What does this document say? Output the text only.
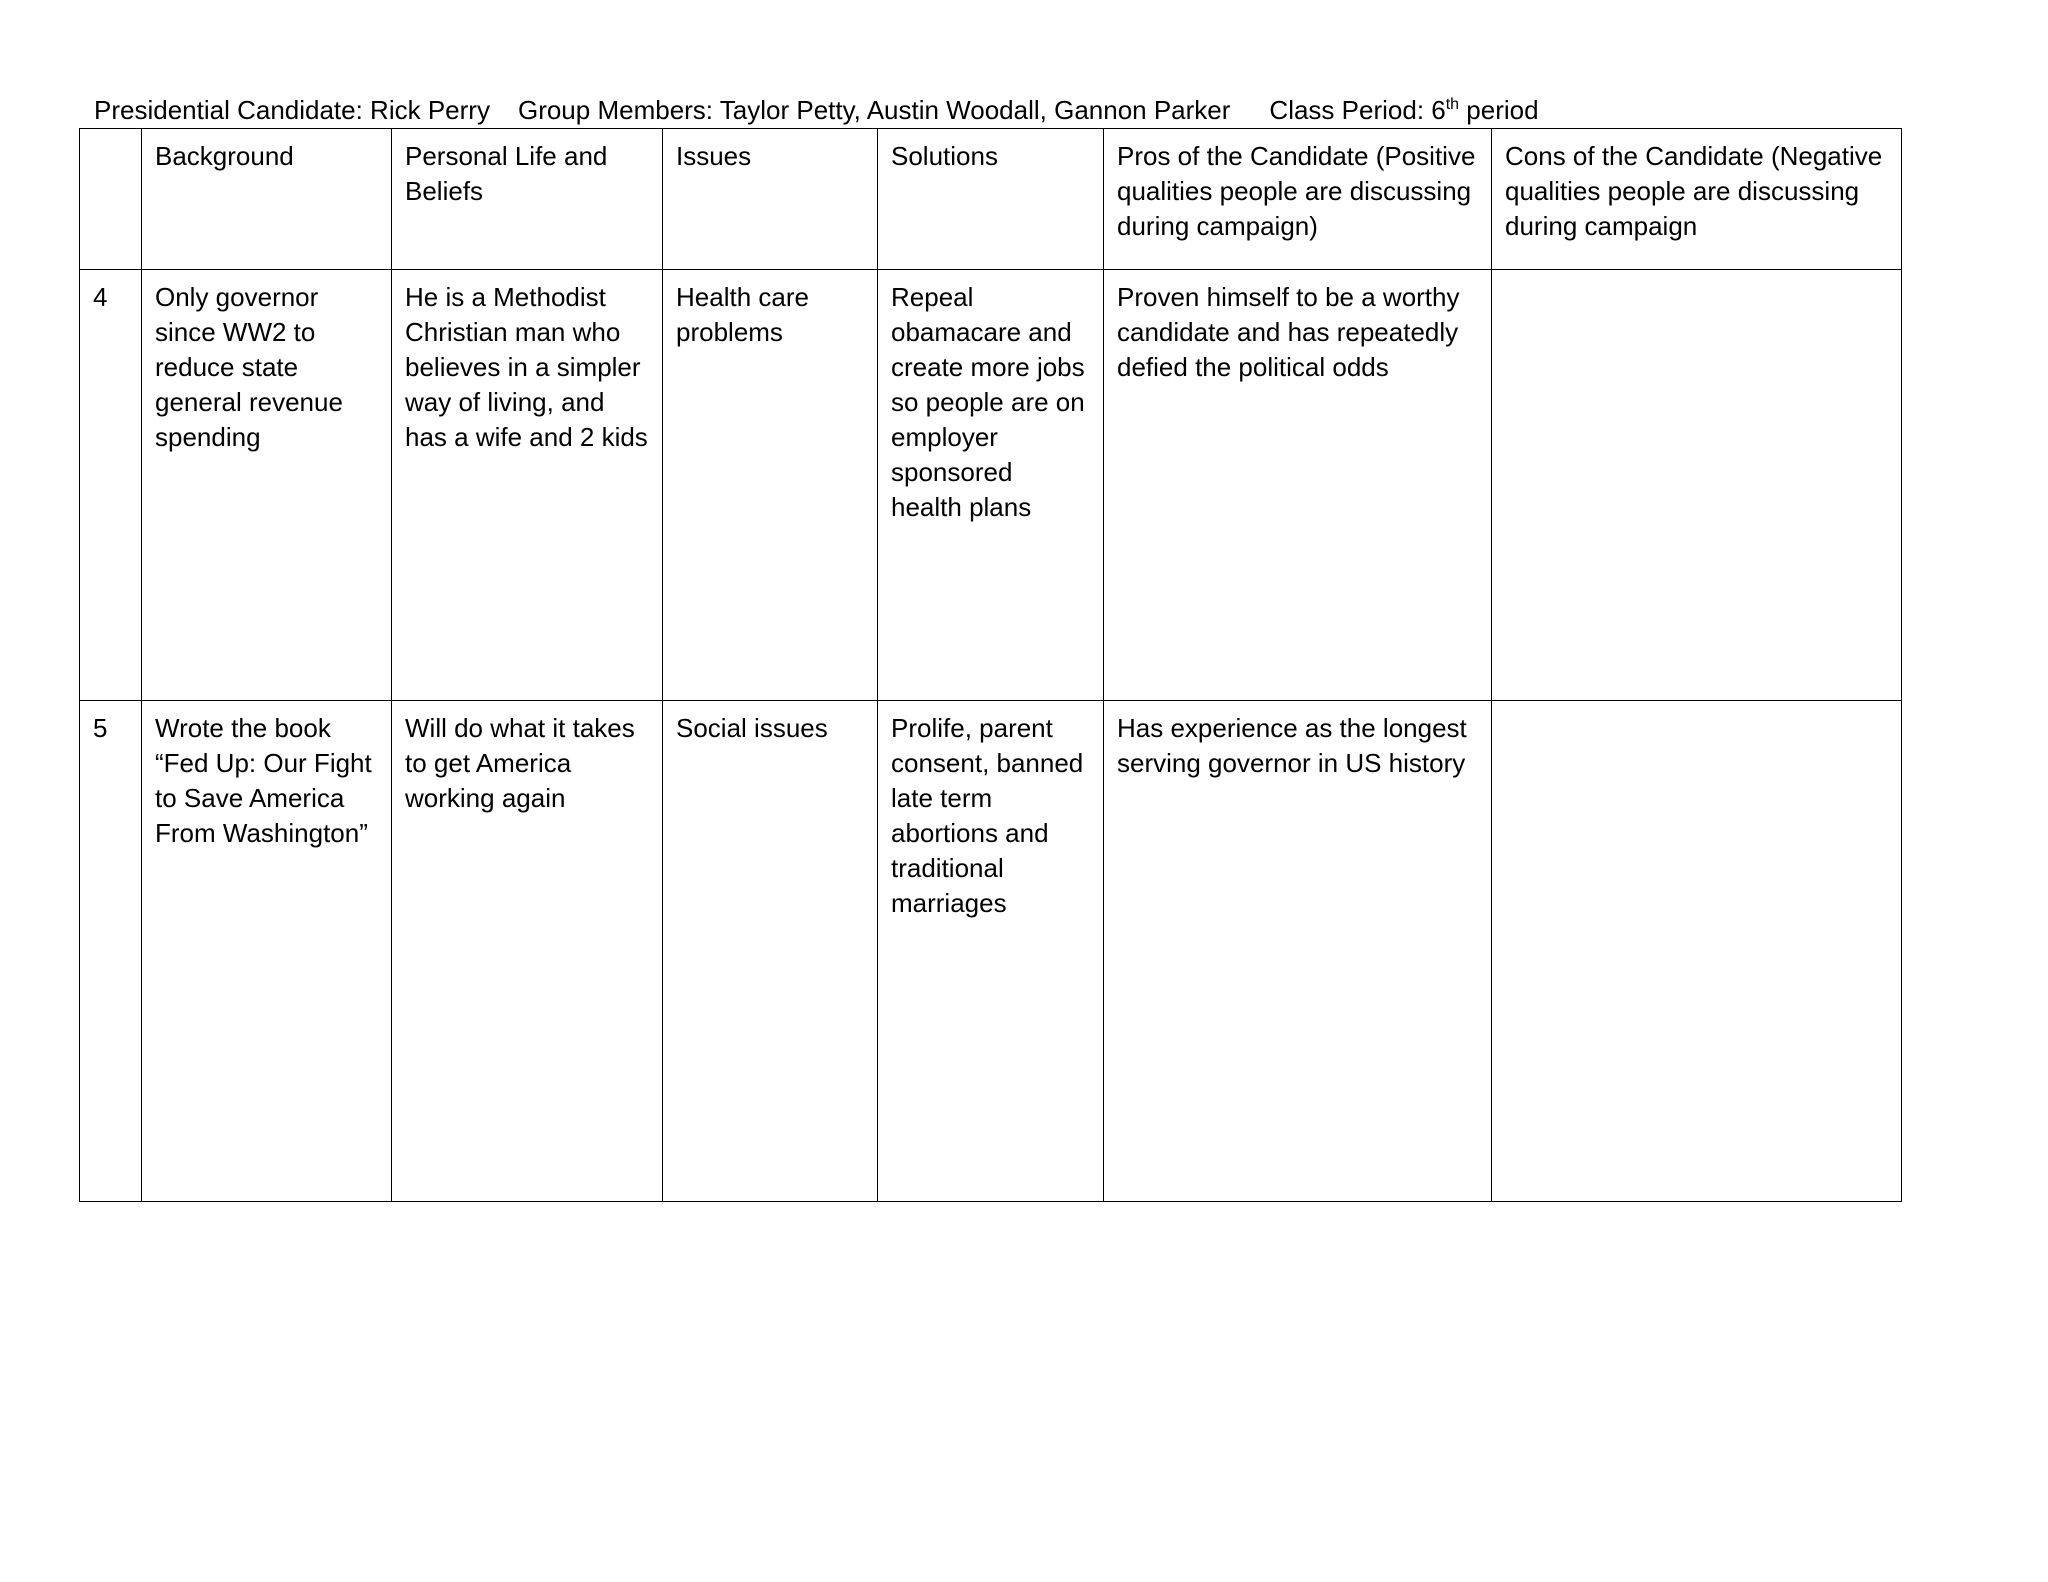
Presidential Candidate: Rick Perry Group Members: Taylor Petty, Austin Woodall, Gannon Parker Class Period: 6th period
	Background	Personal Life and Beliefs	Issues	Solutions	Pros of the Candidate (Positive qualities people are discussing during campaign)	Cons of the Candidate (Negative qualities people are discussing during campaign
4	Only governor since WW2 to reduce state general revenue spending	He is a Methodist Christian man who believes in a simpler way of living, and has a wife and 2 kids	Health care problems	Repeal obamacare and create more jobs so people are on employer sponsored health plans	Proven himself to be a worthy candidate and has repeatedly defied the political odds	
5	Wrote the book “Fed Up: Our Fight to Save America From Washington”	Will do what it takes to get America working again	Social issues	Prolife, parent consent, banned late term abortions and traditional marriages	Has experience as the longest serving governor in US history	
